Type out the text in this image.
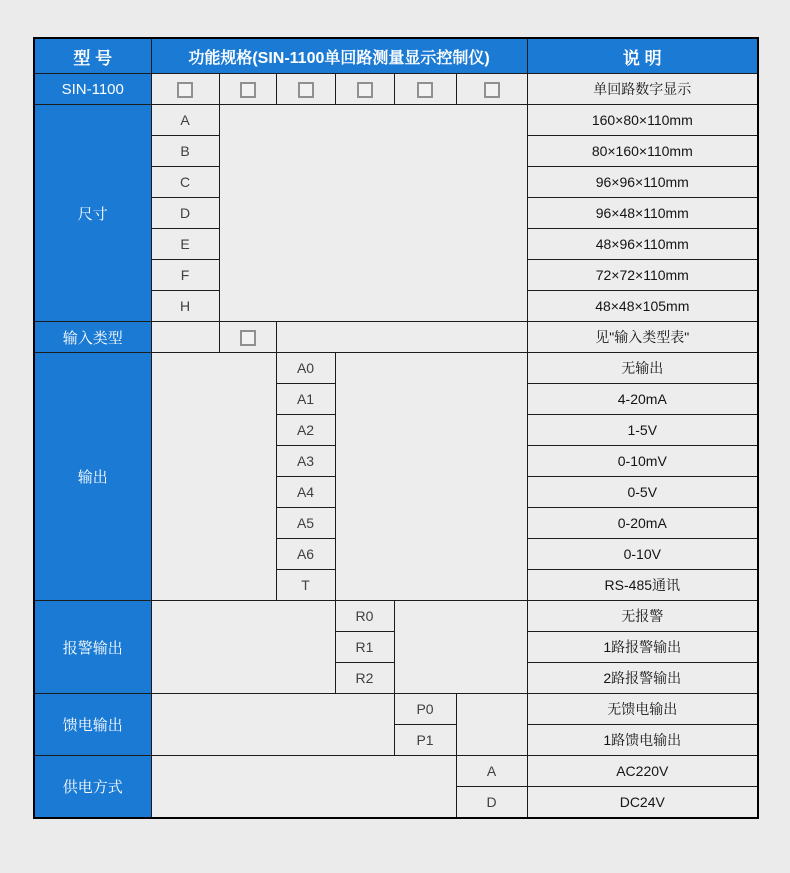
型 号	功能规格(SIN-1100单回路测量显示控制仪)						说 明
SIN-1100							单回路数字显示
尺寸	A						160×80×110mm
	B						80×160×110mm
	C						96×96×110mm
	D						96×48×110mm
	E						48×96×110mm
	F						72×72×110mm
	H						48×48×105mm
输入类型							见"输入类型表"
输出			A0				无输出
			A1				4-20mA
			A2				1-5V
			A3				0-10mV
			A4				0-5V
			A5				0-20mA
			A6				0-10V
			T				RS-485通讯
报警输出				R0			无报警
				R1			1路报警输出
				R2			2路报警输出
馈电输出					P0		无馈电输出
					P1		1路馈电输出
供电方式						A	AC220V
						D	DC24V
